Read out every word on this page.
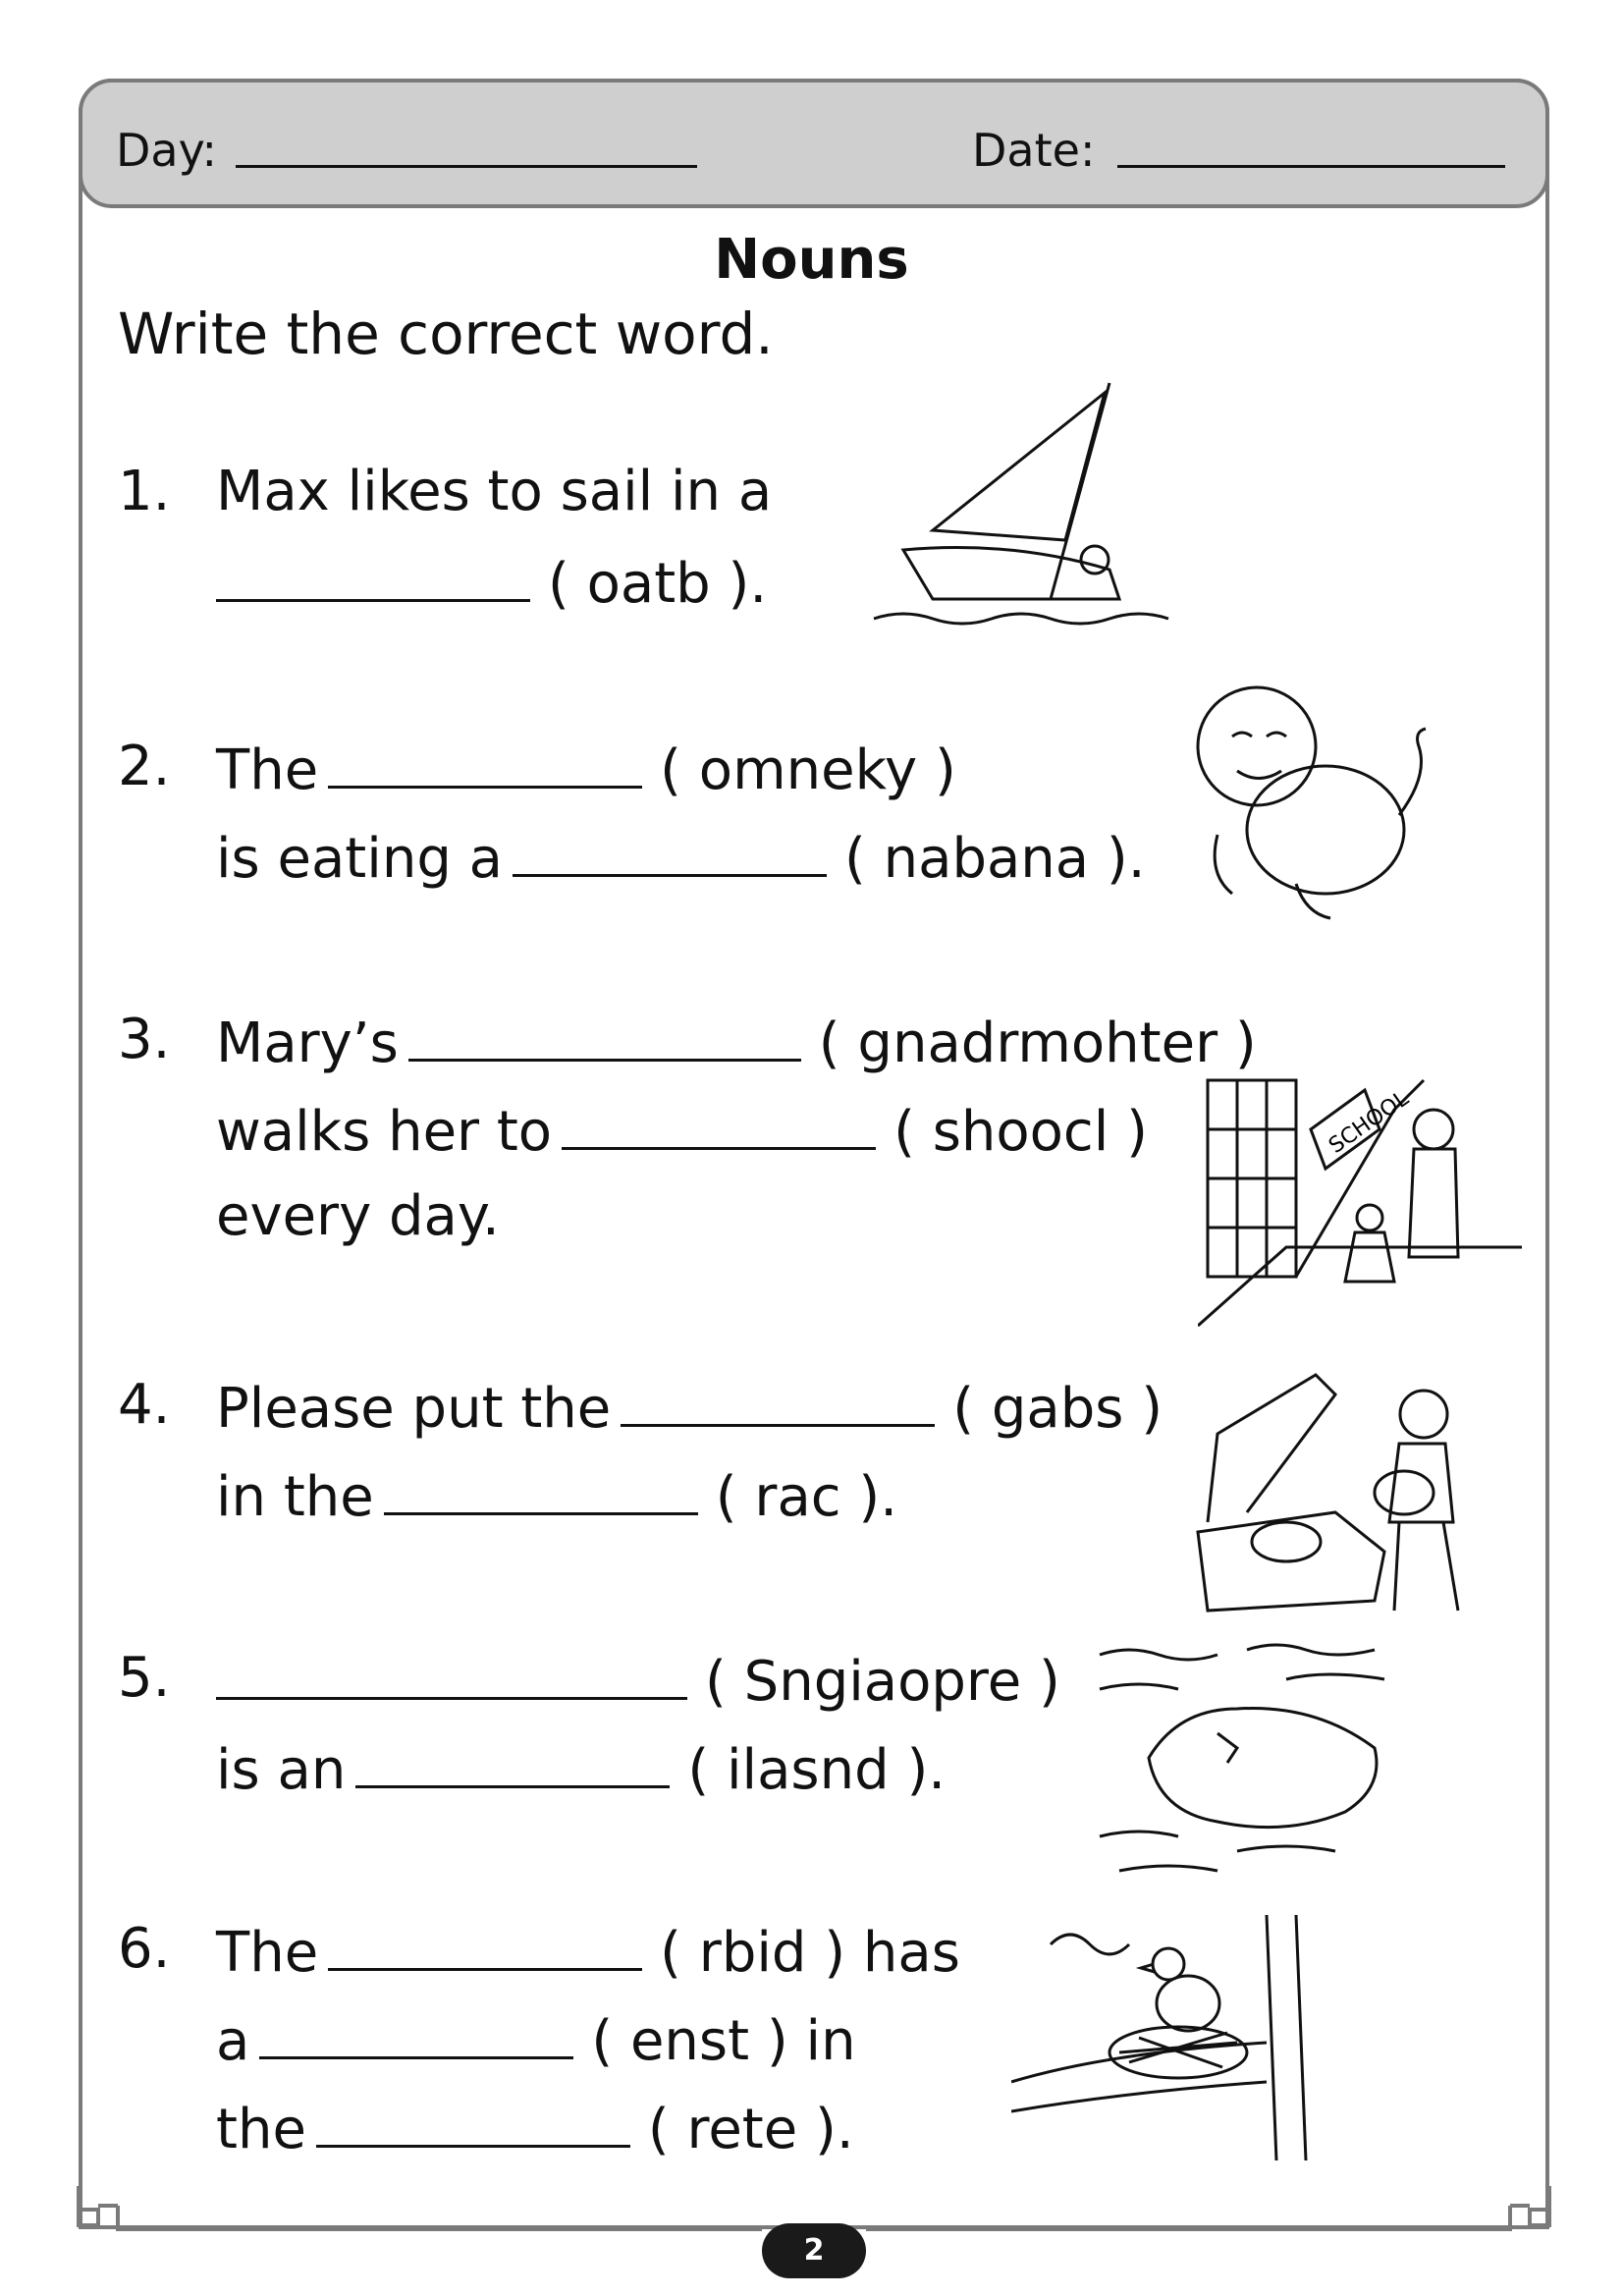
Day:	Date:
Nouns
Write the correct word.
1. Max likes to sail in a
( oatb ).
2. The	( omneky )
is eating a	( nabana ).
3. Mary’s	( gnadrmohter )
walks her to	( shoocl )
every day.
4. Please put the	( gabs )
in the	( rac ).
5.	( Sngiaopre )
is an	( ilasnd ).
6. The	( rbid ) has
a	( enst ) in
the	( rete ).
SCHOOL
2
